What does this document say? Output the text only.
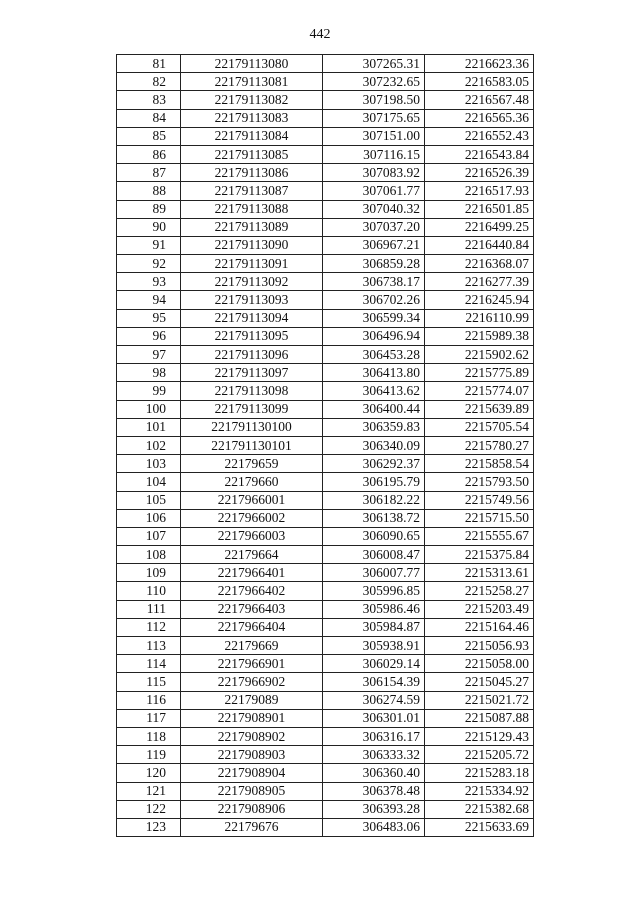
442
81	22179113080	307265.31	2216623.36
82	22179113081	307232.65	2216583.05
83	22179113082	307198.50	2216567.48
84	22179113083	307175.65	2216565.36
85	22179113084	307151.00	2216552.43
86	22179113085	307116.15	2216543.84
87	22179113086	307083.92	2216526.39
88	22179113087	307061.77	2216517.93
89	22179113088	307040.32	2216501.85
90	22179113089	307037.20	2216499.25
91	22179113090	306967.21	2216440.84
92	22179113091	306859.28	2216368.07
93	22179113092	306738.17	2216277.39
94	22179113093	306702.26	2216245.94
95	22179113094	306599.34	2216110.99
96	22179113095	306496.94	2215989.38
97	22179113096	306453.28	2215902.62
98	22179113097	306413.80	2215775.89
99	22179113098	306413.62	2215774.07
100	22179113099	306400.44	2215639.89
101	221791130100	306359.83	2215705.54
102	221791130101	306340.09	2215780.27
103	22179659	306292.37	2215858.54
104	22179660	306195.79	2215793.50
105	2217966001	306182.22	2215749.56
106	2217966002	306138.72	2215715.50
107	2217966003	306090.65	2215555.67
108	22179664	306008.47	2215375.84
109	2217966401	306007.77	2215313.61
110	2217966402	305996.85	2215258.27
111	2217966403	305986.46	2215203.49
112	2217966404	305984.87	2215164.46
113	22179669	305938.91	2215056.93
114	2217966901	306029.14	2215058.00
115	2217966902	306154.39	2215045.27
116	22179089	306274.59	2215021.72
117	2217908901	306301.01	2215087.88
118	2217908902	306316.17	2215129.43
119	2217908903	306333.32	2215205.72
120	2217908904	306360.40	2215283.18
121	2217908905	306378.48	2215334.92
122	2217908906	306393.28	2215382.68
123	22179676	306483.06	2215633.69
